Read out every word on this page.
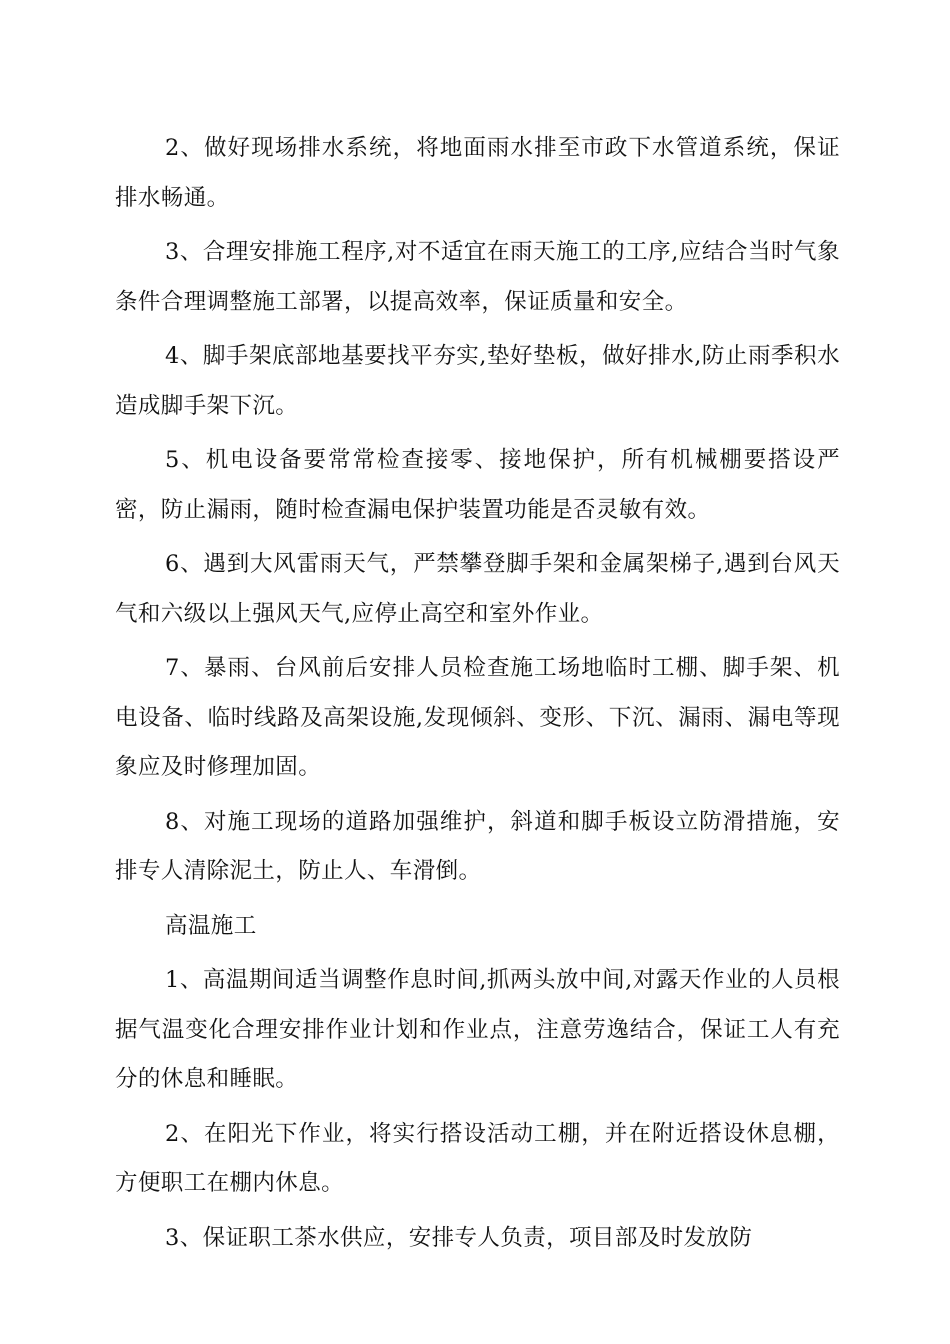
2、做好现场排水系统，将地面雨水排至市政下水管道系统，保证排水畅通。

3、合理安排施工程序,对不适宜在雨天施工的工序,应结合当时气象条件合理调整施工部署，以提高效率，保证质量和安全。

4、脚手架底部地基要找平夯实,垫好垫板，做好排水,防止雨季积水造成脚手架下沉。

5、机电设备要常常检查接零、接地保护，所有机械棚要搭设严密，防止漏雨，随时检查漏电保护装置功能是否灵敏有效。

6、遇到大风雷雨天气，严禁攀登脚手架和金属架梯子,遇到台风天气和六级以上强风天气,应停止高空和室外作业。

7、暴雨、台风前后安排人员检查施工场地临时工棚、脚手架、机电设备、临时线路及高架设施,发现倾斜、变形、下沉、漏雨、漏电等现象应及时修理加固。

8、对施工现场的道路加强维护，斜道和脚手板设立防滑措施，安排专人清除泥土，防止人、车滑倒。

高温施工

1、高温期间适当调整作息时间,抓两头放中间,对露天作业的人员根据气温变化合理安排作业计划和作业点，注意劳逸结合，保证工人有充分的休息和睡眠。

2、在阳光下作业，将实行搭设活动工棚，并在附近搭设休息棚，方便职工在棚内休息。

3、保证职工茶水供应，安排专人负责，项目部及时发放防
